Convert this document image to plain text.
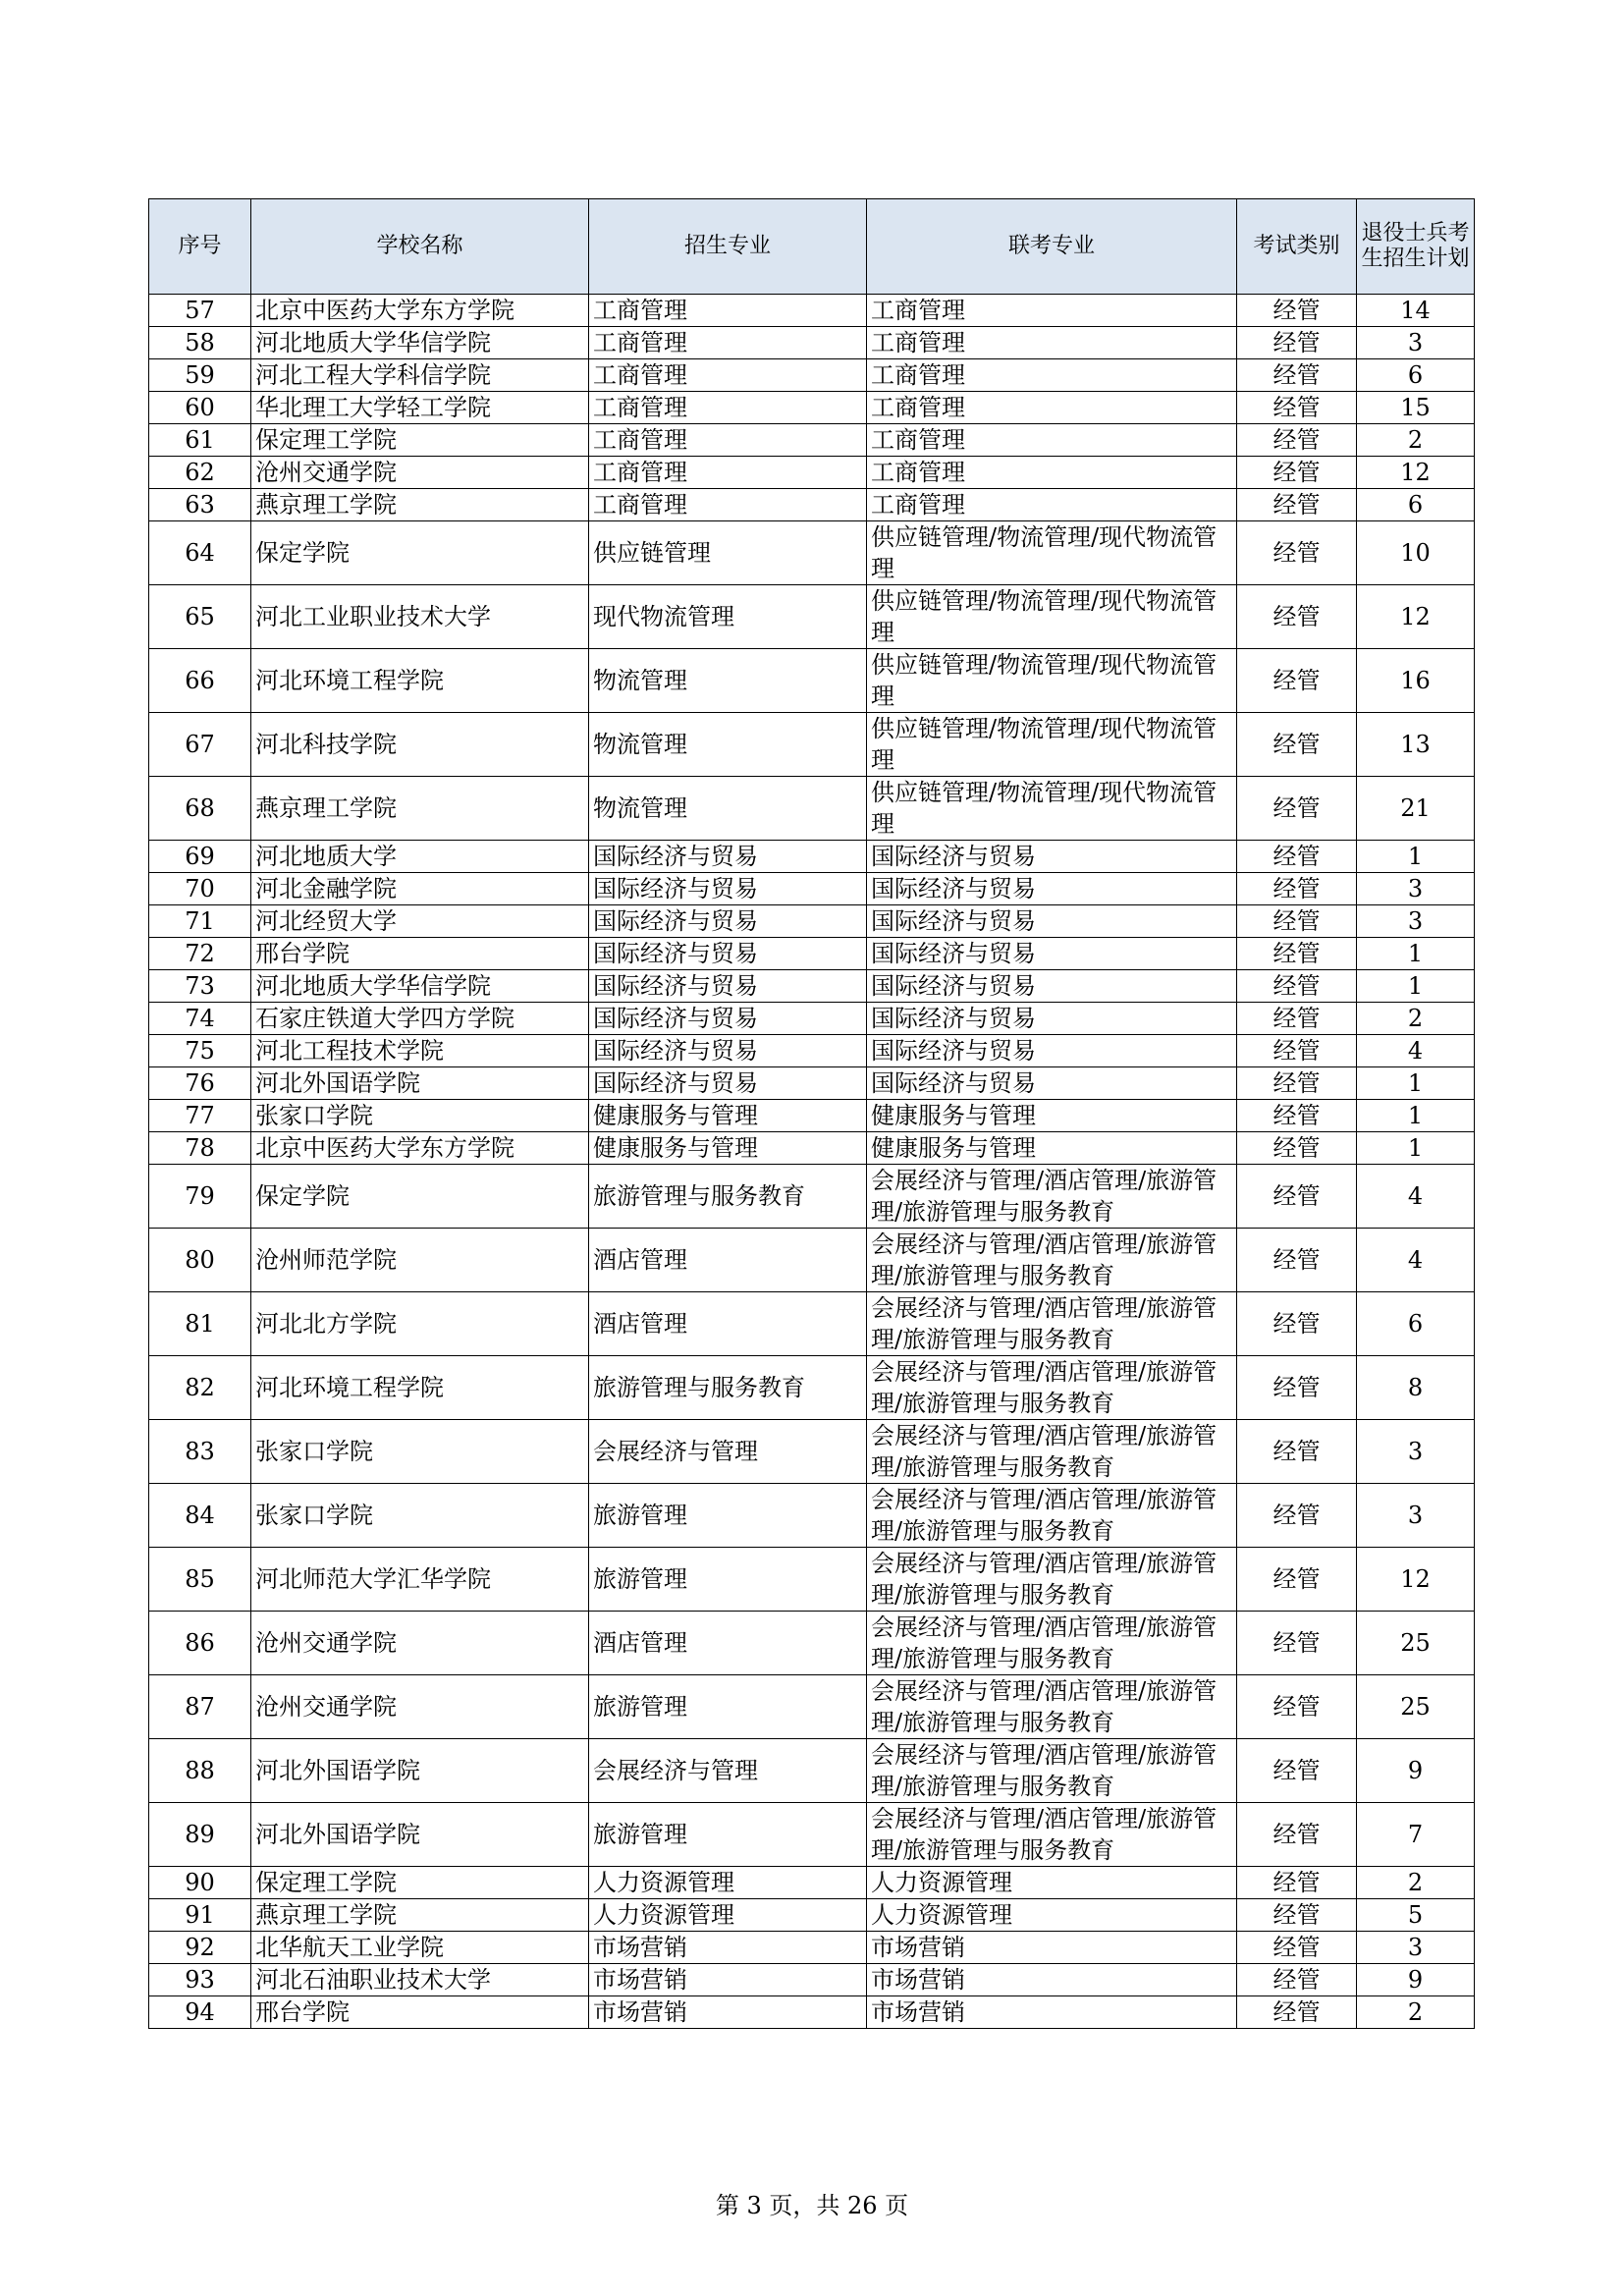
序号	学校名称	招生专业	联考专业	考试类别	退役士兵考生招生计划
57	北京中医药大学东方学院	工商管理	工商管理	经管	14
58	河北地质大学华信学院	工商管理	工商管理	经管	3
59	河北工程大学科信学院	工商管理	工商管理	经管	6
60	华北理工大学轻工学院	工商管理	工商管理	经管	15
61	保定理工学院	工商管理	工商管理	经管	2
62	沧州交通学院	工商管理	工商管理	经管	12
63	燕京理工学院	工商管理	工商管理	经管	6
64	保定学院	供应链管理	供应链管理/物流管理/现代物流管理	经管	10
65	河北工业职业技术大学	现代物流管理	供应链管理/物流管理/现代物流管理	经管	12
66	河北环境工程学院	物流管理	供应链管理/物流管理/现代物流管理	经管	16
67	河北科技学院	物流管理	供应链管理/物流管理/现代物流管理	经管	13
68	燕京理工学院	物流管理	供应链管理/物流管理/现代物流管理	经管	21
69	河北地质大学	国际经济与贸易	国际经济与贸易	经管	1
70	河北金融学院	国际经济与贸易	国际经济与贸易	经管	3
71	河北经贸大学	国际经济与贸易	国际经济与贸易	经管	3
72	邢台学院	国际经济与贸易	国际经济与贸易	经管	1
73	河北地质大学华信学院	国际经济与贸易	国际经济与贸易	经管	1
74	石家庄铁道大学四方学院	国际经济与贸易	国际经济与贸易	经管	2
75	河北工程技术学院	国际经济与贸易	国际经济与贸易	经管	4
76	河北外国语学院	国际经济与贸易	国际经济与贸易	经管	1
77	张家口学院	健康服务与管理	健康服务与管理	经管	1
78	北京中医药大学东方学院	健康服务与管理	健康服务与管理	经管	1
79	保定学院	旅游管理与服务教育	会展经济与管理/酒店管理/旅游管理/旅游管理与服务教育	经管	4
80	沧州师范学院	酒店管理	会展经济与管理/酒店管理/旅游管理/旅游管理与服务教育	经管	4
81	河北北方学院	酒店管理	会展经济与管理/酒店管理/旅游管理/旅游管理与服务教育	经管	6
82	河北环境工程学院	旅游管理与服务教育	会展经济与管理/酒店管理/旅游管理/旅游管理与服务教育	经管	8
83	张家口学院	会展经济与管理	会展经济与管理/酒店管理/旅游管理/旅游管理与服务教育	经管	3
84	张家口学院	旅游管理	会展经济与管理/酒店管理/旅游管理/旅游管理与服务教育	经管	3
85	河北师范大学汇华学院	旅游管理	会展经济与管理/酒店管理/旅游管理/旅游管理与服务教育	经管	12
86	沧州交通学院	酒店管理	会展经济与管理/酒店管理/旅游管理/旅游管理与服务教育	经管	25
87	沧州交通学院	旅游管理	会展经济与管理/酒店管理/旅游管理/旅游管理与服务教育	经管	25
88	河北外国语学院	会展经济与管理	会展经济与管理/酒店管理/旅游管理/旅游管理与服务教育	经管	9
89	河北外国语学院	旅游管理	会展经济与管理/酒店管理/旅游管理/旅游管理与服务教育	经管	7
90	保定理工学院	人力资源管理	人力资源管理	经管	2
91	燕京理工学院	人力资源管理	人力资源管理	经管	5
92	北华航天工业学院	市场营销	市场营销	经管	3
93	河北石油职业技术大学	市场营销	市场营销	经管	9
94	邢台学院	市场营销	市场营销	经管	2
第 3 页，共 26 页
